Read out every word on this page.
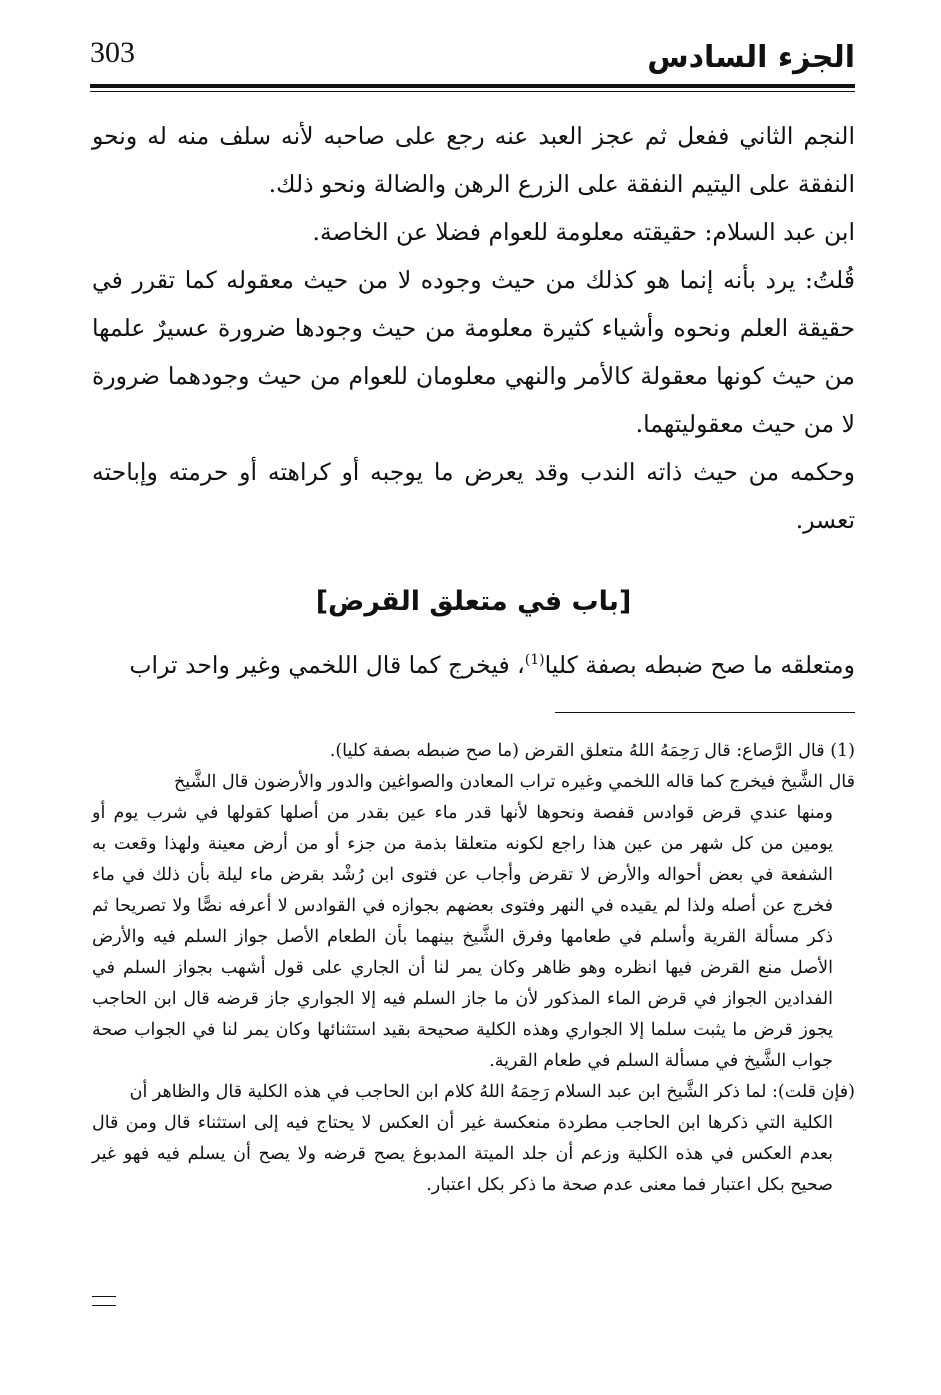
الجزء السادس
303

النجم الثاني ففعل ثم عجز العبد عنه رجع على صاحبه لأنه سلف منه له ونحو النفقة على اليتيم النفقة على الزرع الرهن والضالة ونحو ذلك.

ابن عبد السلام: حقيقته معلومة للعوام فضلا عن الخاصة.

قُلتُ: يرد بأنه إنما هو كذلك من حيث وجوده لا من حيث معقوله كما تقرر في حقيقة العلم ونحوه وأشياء كثيرة معلومة من حيث وجودها ضرورة عسيرٌ علمها من حيث كونها معقولة كالأمر والنهي معلومان للعوام من حيث وجودهما ضرورة لا من حيث معقوليتهما.

وحكمه من حيث ذاته الندب وقد يعرض ما يوجبه أو كراهته أو حرمته وإباحته تعسر.

[باب في متعلق القرض]

ومتعلقه ما صح ضبطه بصفة كليا$^{(1)}$، فيخرج كما قال اللخمي وغير واحد تراب

(1) قال الرَّصاع: قال رَحِمَهُ اللهُ متعلق القرض (ما صح ضبطه بصفة كليا).

قال الشَّيخ فيخرج كما قاله اللخمي وغيره تراب المعادن والصواغين والدور والأرضون قال الشَّيخ

ومنها عندي قرض قوادس قفصة ونحوها لأنها قدر ماء عين بقدر من أصلها كقولها في شرب يوم أو يومين من كل شهر من عين هذا راجع لكونه متعلقا بذمة من جزء أو من أرض معينة ولهذا وقعت به الشفعة في بعض أحواله والأرض لا تقرض وأجاب عن فتوى ابن رُشْد بقرض ماء ليلة بأن ذلك في ماء فخرج عن أصله ولذا لم يقيده في النهر وفتوى بعضهم بجوازه في القوادس لا أعرفه نصًّا ولا تصريحا ثم ذكر مسألة القرية وأسلم في طعامها وفرق الشَّيخ بينهما بأن الطعام الأصل جواز السلم فيه والأرض الأصل منع القرض فيها انظره وهو ظاهر وكان يمر لنا أن الجاري على قول أشهب بجواز السلم في الفدادين الجواز في قرض الماء المذكور لأن ما جاز السلم فيه إلا الجواري جاز قرضه قال ابن الحاجب يجوز قرض ما يثبت سلما إلا الجواري وهذه الكلية صحيحة بقيد استثنائها وكان يمر لنا في الجواب صحة جواب الشَّيخ في مسألة السلم في طعام القرية.

(فإن قلت): لما ذكر الشَّيخ ابن عبد السلام رَحِمَهُ اللهُ كلام ابن الحاجب في هذه الكلية قال والظاهر أن

الكلية التي ذكرها ابن الحاجب مطردة منعكسة غير أن العكس لا يحتاج فيه إلى استثناء قال ومن قال بعدم العكس في هذه الكلية وزعم أن جلد الميتة المدبوغ يصح قرضه ولا يصح أن يسلم فيه فهو غير صحيح بكل اعتبار فما معنى عدم صحة ما ذكر بكل اعتبار.
